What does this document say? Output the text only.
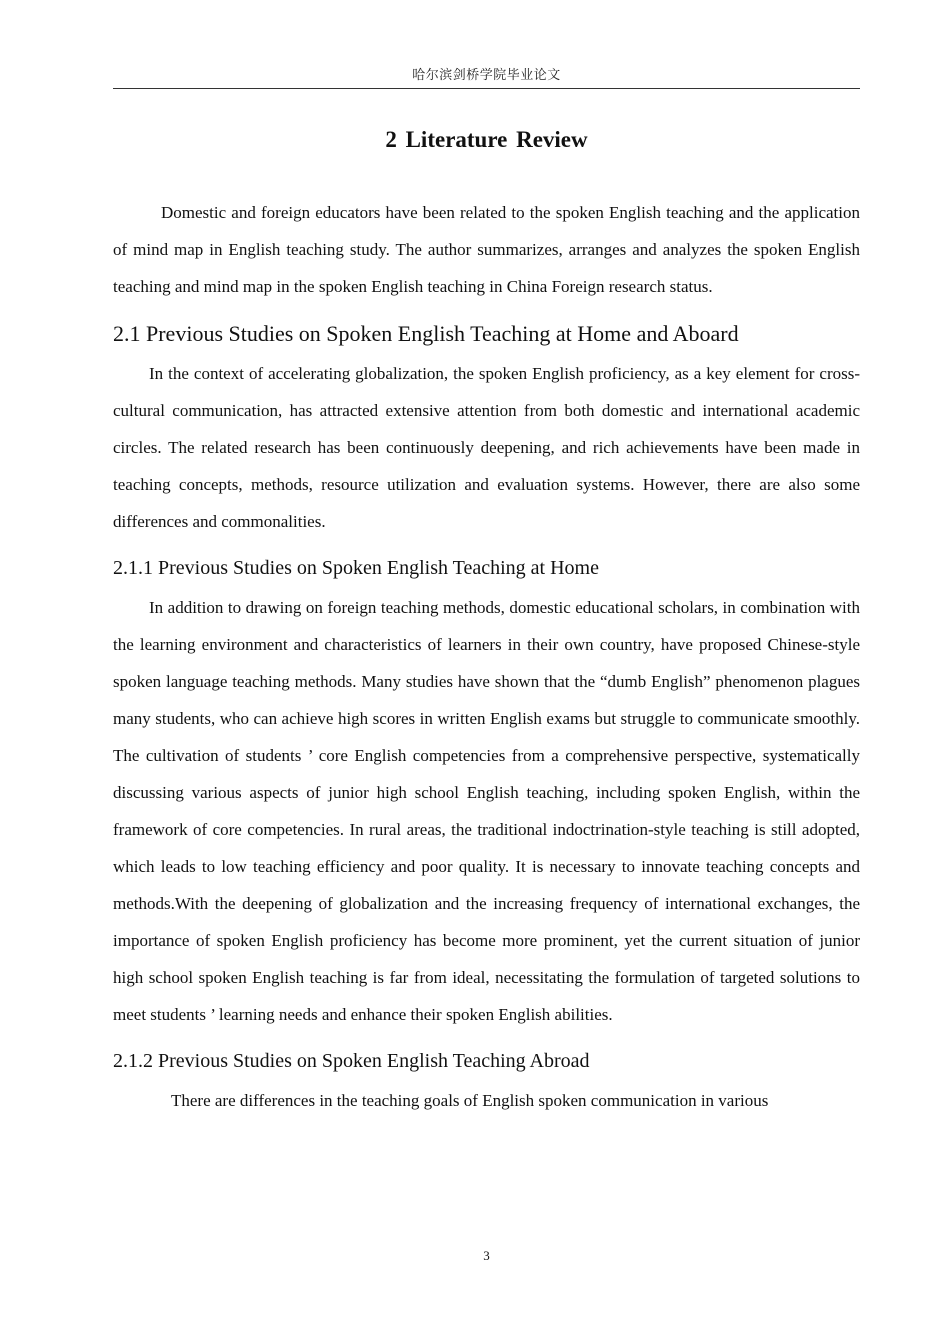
哈尔滨剑桥学院毕业论文
2 Literature Review

Domestic and foreign educators have been related to the spoken English teaching and the application of mind map in English teaching study. The author summarizes, arranges and analyzes the spoken English teaching and mind map in the spoken English teaching in China Foreign research status.

2.1 Previous Studies on Spoken English Teaching at Home and Aboard

In the context of accelerating globalization, the spoken English proficiency, as a key element for cross-cultural communication, has attracted extensive attention from both domestic and international academic circles. The related research has been continuously deepening, and rich achievements have been made in teaching concepts, methods, resource utilization and evaluation systems. However, there are also some differences and commonalities.

2.1.1 Previous Studies on Spoken English Teaching at Home

In addition to drawing on foreign teaching methods, domestic educational scholars, in combination with the learning environment and characteristics of learners in their own country, have proposed Chinese-style spoken language teaching methods. Many studies have shown that the “dumb English” phenomenon plagues many students, who can achieve high scores in written English exams but struggle to communicate smoothly. The cultivation of students ’ core English competencies from a comprehensive perspective, systematically discussing various aspects of junior high school English teaching, including spoken English, within the framework of core competencies. In rural areas, the traditional indoctrination-style teaching is still adopted, which leads to low teaching efficiency and poor quality. It is necessary to innovate teaching concepts and methods.With the deepening of globalization and the increasing frequency of international exchanges, the importance of spoken English proficiency has become more prominent, yet the current situation of junior high school spoken English teaching is far from ideal, necessitating the formulation of targeted solutions to meet students ’ learning needs and enhance their spoken English abilities.

2.1.2 Previous Studies on Spoken English Teaching Abroad

There are differences in the teaching goals of English spoken communication in various

3
